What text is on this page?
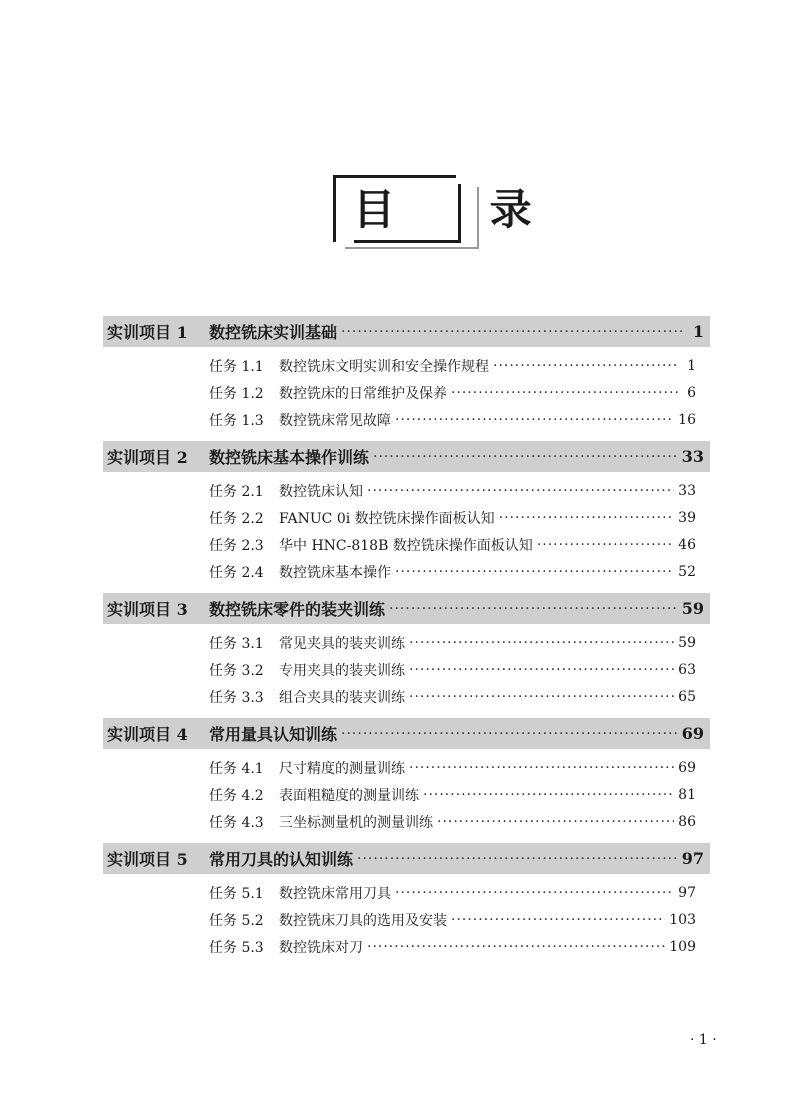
目 录
实训项目 1	数控铣床实训基础 ·····	1
任务 1.1	数控铣床文明实训和安全操作规程 ·····	1
任务 1.2	数控铣床的日常维护及保养 ·····	6
任务 1.3	数控铣床常见故障 ·····	16
实训项目 2	数控铣床基本操作训练 ·····	33
任务 2.1	数控铣床认知 ·····	33
任务 2.2	FANUC 0i 数控铣床操作面板认知 ·····	39
任务 2.3	华中 HNC-818B 数控铣床操作面板认知 ·····	46
任务 2.4	数控铣床基本操作 ·····	52
实训项目 3	数控铣床零件的装夹训练 ·····	59
任务 3.1	常见夹具的装夹训练 ·····	59
任务 3.2	专用夹具的装夹训练 ·····	63
任务 3.3	组合夹具的装夹训练 ·····	65
实训项目 4	常用量具认知训练 ·····	69
任务 4.1	尺寸精度的测量训练 ·····	69
任务 4.2	表面粗糙度的测量训练 ·····	81
任务 4.3	三坐标测量机的测量训练 ·····	86
实训项目 5	常用刀具的认知训练 ·····	97
任务 5.1	数控铣床常用刀具 ·····	97
任务 5.2	数控铣床刀具的选用及安装 ·····	103
任务 5.3	数控铣床对刀 ·····	109
· 1 ·
